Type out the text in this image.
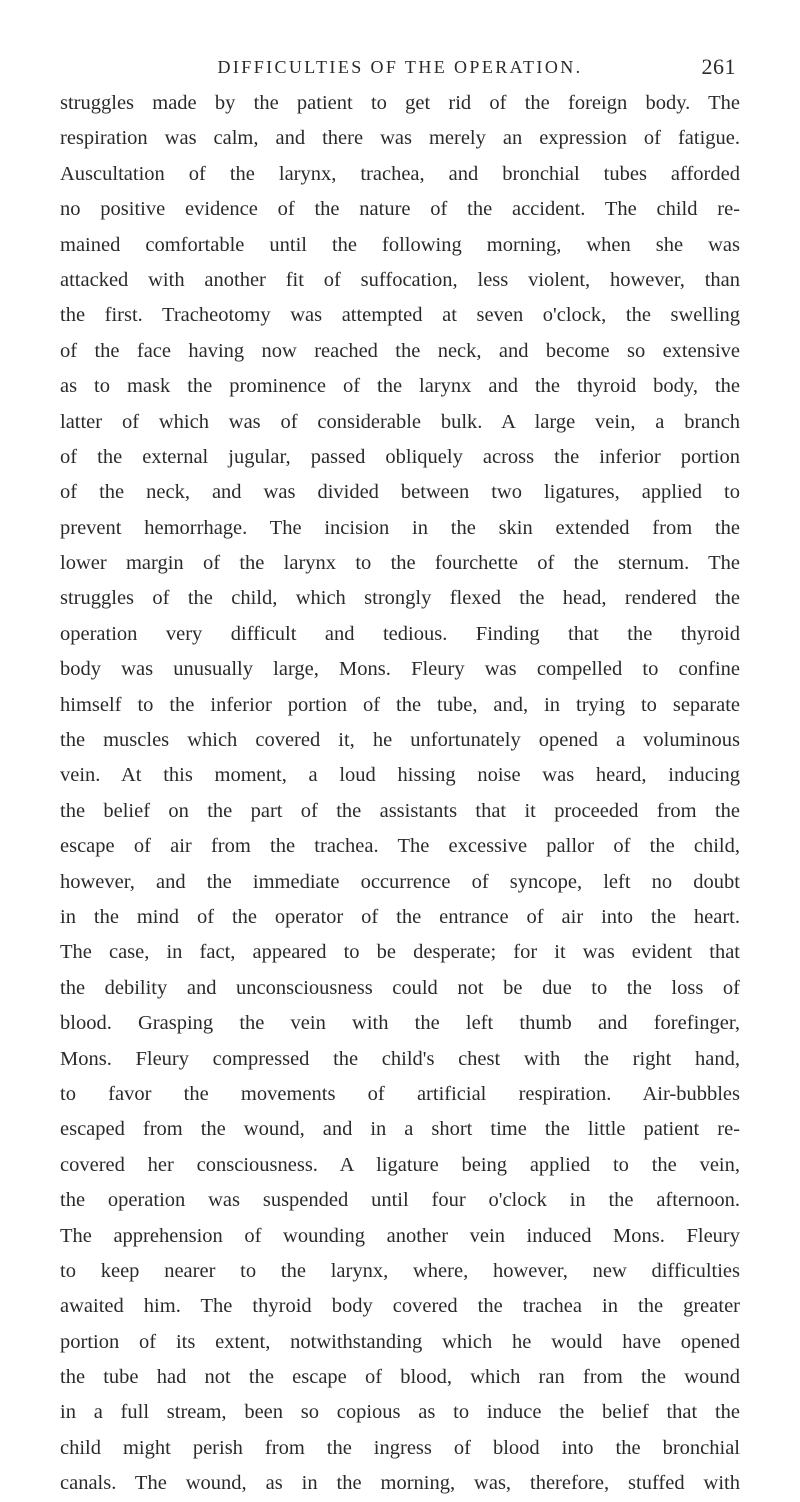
DIFFICULTIES OF THE OPERATION.	261
struggles made by the patient to get rid of the foreign body. The
respiration was calm, and there was merely an expression of fatigue.
Auscultation of the larynx, trachea, and bronchial tubes afforded
no positive evidence of the nature of the accident. The child re-
mained comfortable until the following morning, when she was
attacked with another fit of suffocation, less violent, however, than
the first. Tracheotomy was attempted at seven o'clock, the swelling
of the face having now reached the neck, and become so extensive
as to mask the prominence of the larynx and the thyroid body, the
latter of which was of considerable bulk. A large vein, a branch
of the external jugular, passed obliquely across the inferior portion
of the neck, and was divided between two ligatures, applied to
prevent hemorrhage. The incision in the skin extended from the
lower margin of the larynx to the fourchette of the sternum. The
struggles of the child, which strongly flexed the head, rendered the
operation very difficult and tedious. Finding that the thyroid
body was unusually large, Mons. Fleury was compelled to confine
himself to the inferior portion of the tube, and, in trying to separate
the muscles which covered it, he unfortunately opened a voluminous
vein. At this moment, a loud hissing noise was heard, inducing
the belief on the part of the assistants that it proceeded from the
escape of air from the trachea. The excessive pallor of the child,
however, and the immediate occurrence of syncope, left no doubt
in the mind of the operator of the entrance of air into the heart.
The case, in fact, appeared to be desperate; for it was evident that
the debility and unconsciousness could not be due to the loss of
blood. Grasping the vein with the left thumb and forefinger,
Mons. Fleury compressed the child's chest with the right hand,
to favor the movements of artificial respiration. Air-bubbles
escaped from the wound, and in a short time the little patient re-
covered her consciousness. A ligature being applied to the vein,
the operation was suspended until four o'clock in the afternoon.
The apprehension of wounding another vein induced Mons. Fleury
to keep nearer to the larynx, where, however, new difficulties
awaited him. The thyroid body covered the trachea in the greater
portion of its extent, notwithstanding which he would have opened
the tube had not the escape of blood, which ran from the wound
in a full stream, been so copious as to induce the belief that the
child might perish from the ingress of blood into the bronchial
canals. The wound, as in the morning, was, therefore, stuffed with
